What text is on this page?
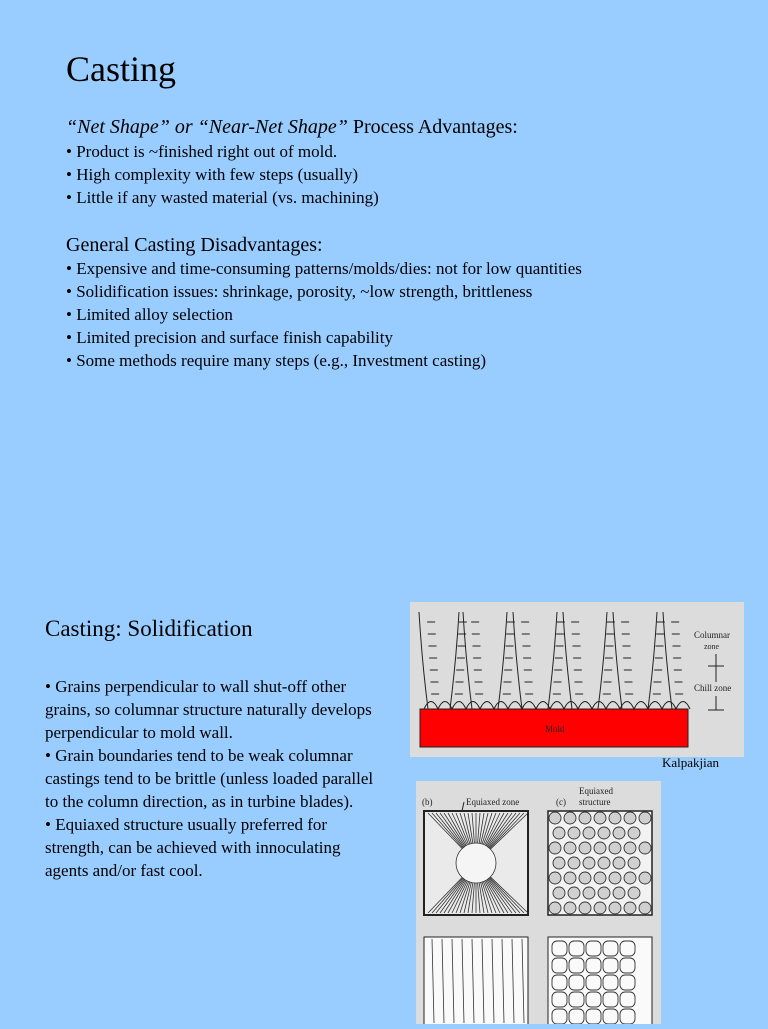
Casting
“Net Shape” or “Near-Net Shape” Process Advantages:
• Product is ~finished right out of mold.
• High complexity with few steps (usually)
• Little if any wasted material (vs. machining)
General Casting Disadvantages:
• Expensive and time-consuming patterns/molds/dies: not for low quantities
• Solidification issues: shrinkage, porosity, ~low strength, brittleness
• Limited alloy selection
• Limited precision and surface finish capability
• Some methods require many steps (e.g., Investment casting)
Casting: Solidification

• Grains perpendicular to wall shut-off other grains, so columnar structure naturally develops perpendicular to mold wall.

• Grain boundaries tend to be weak columnar castings tend to be brittle (unless loaded parallel to the column direction, as in turbine blades).

• Equiaxed structure usually preferred for strength, can be achieved with innoculating agents and/or fast cool.

Mold
Columnar
zone
Chill zone
Kalpakjian
(b)	Equiaxed zone	(c)
Equiaxed
structure
